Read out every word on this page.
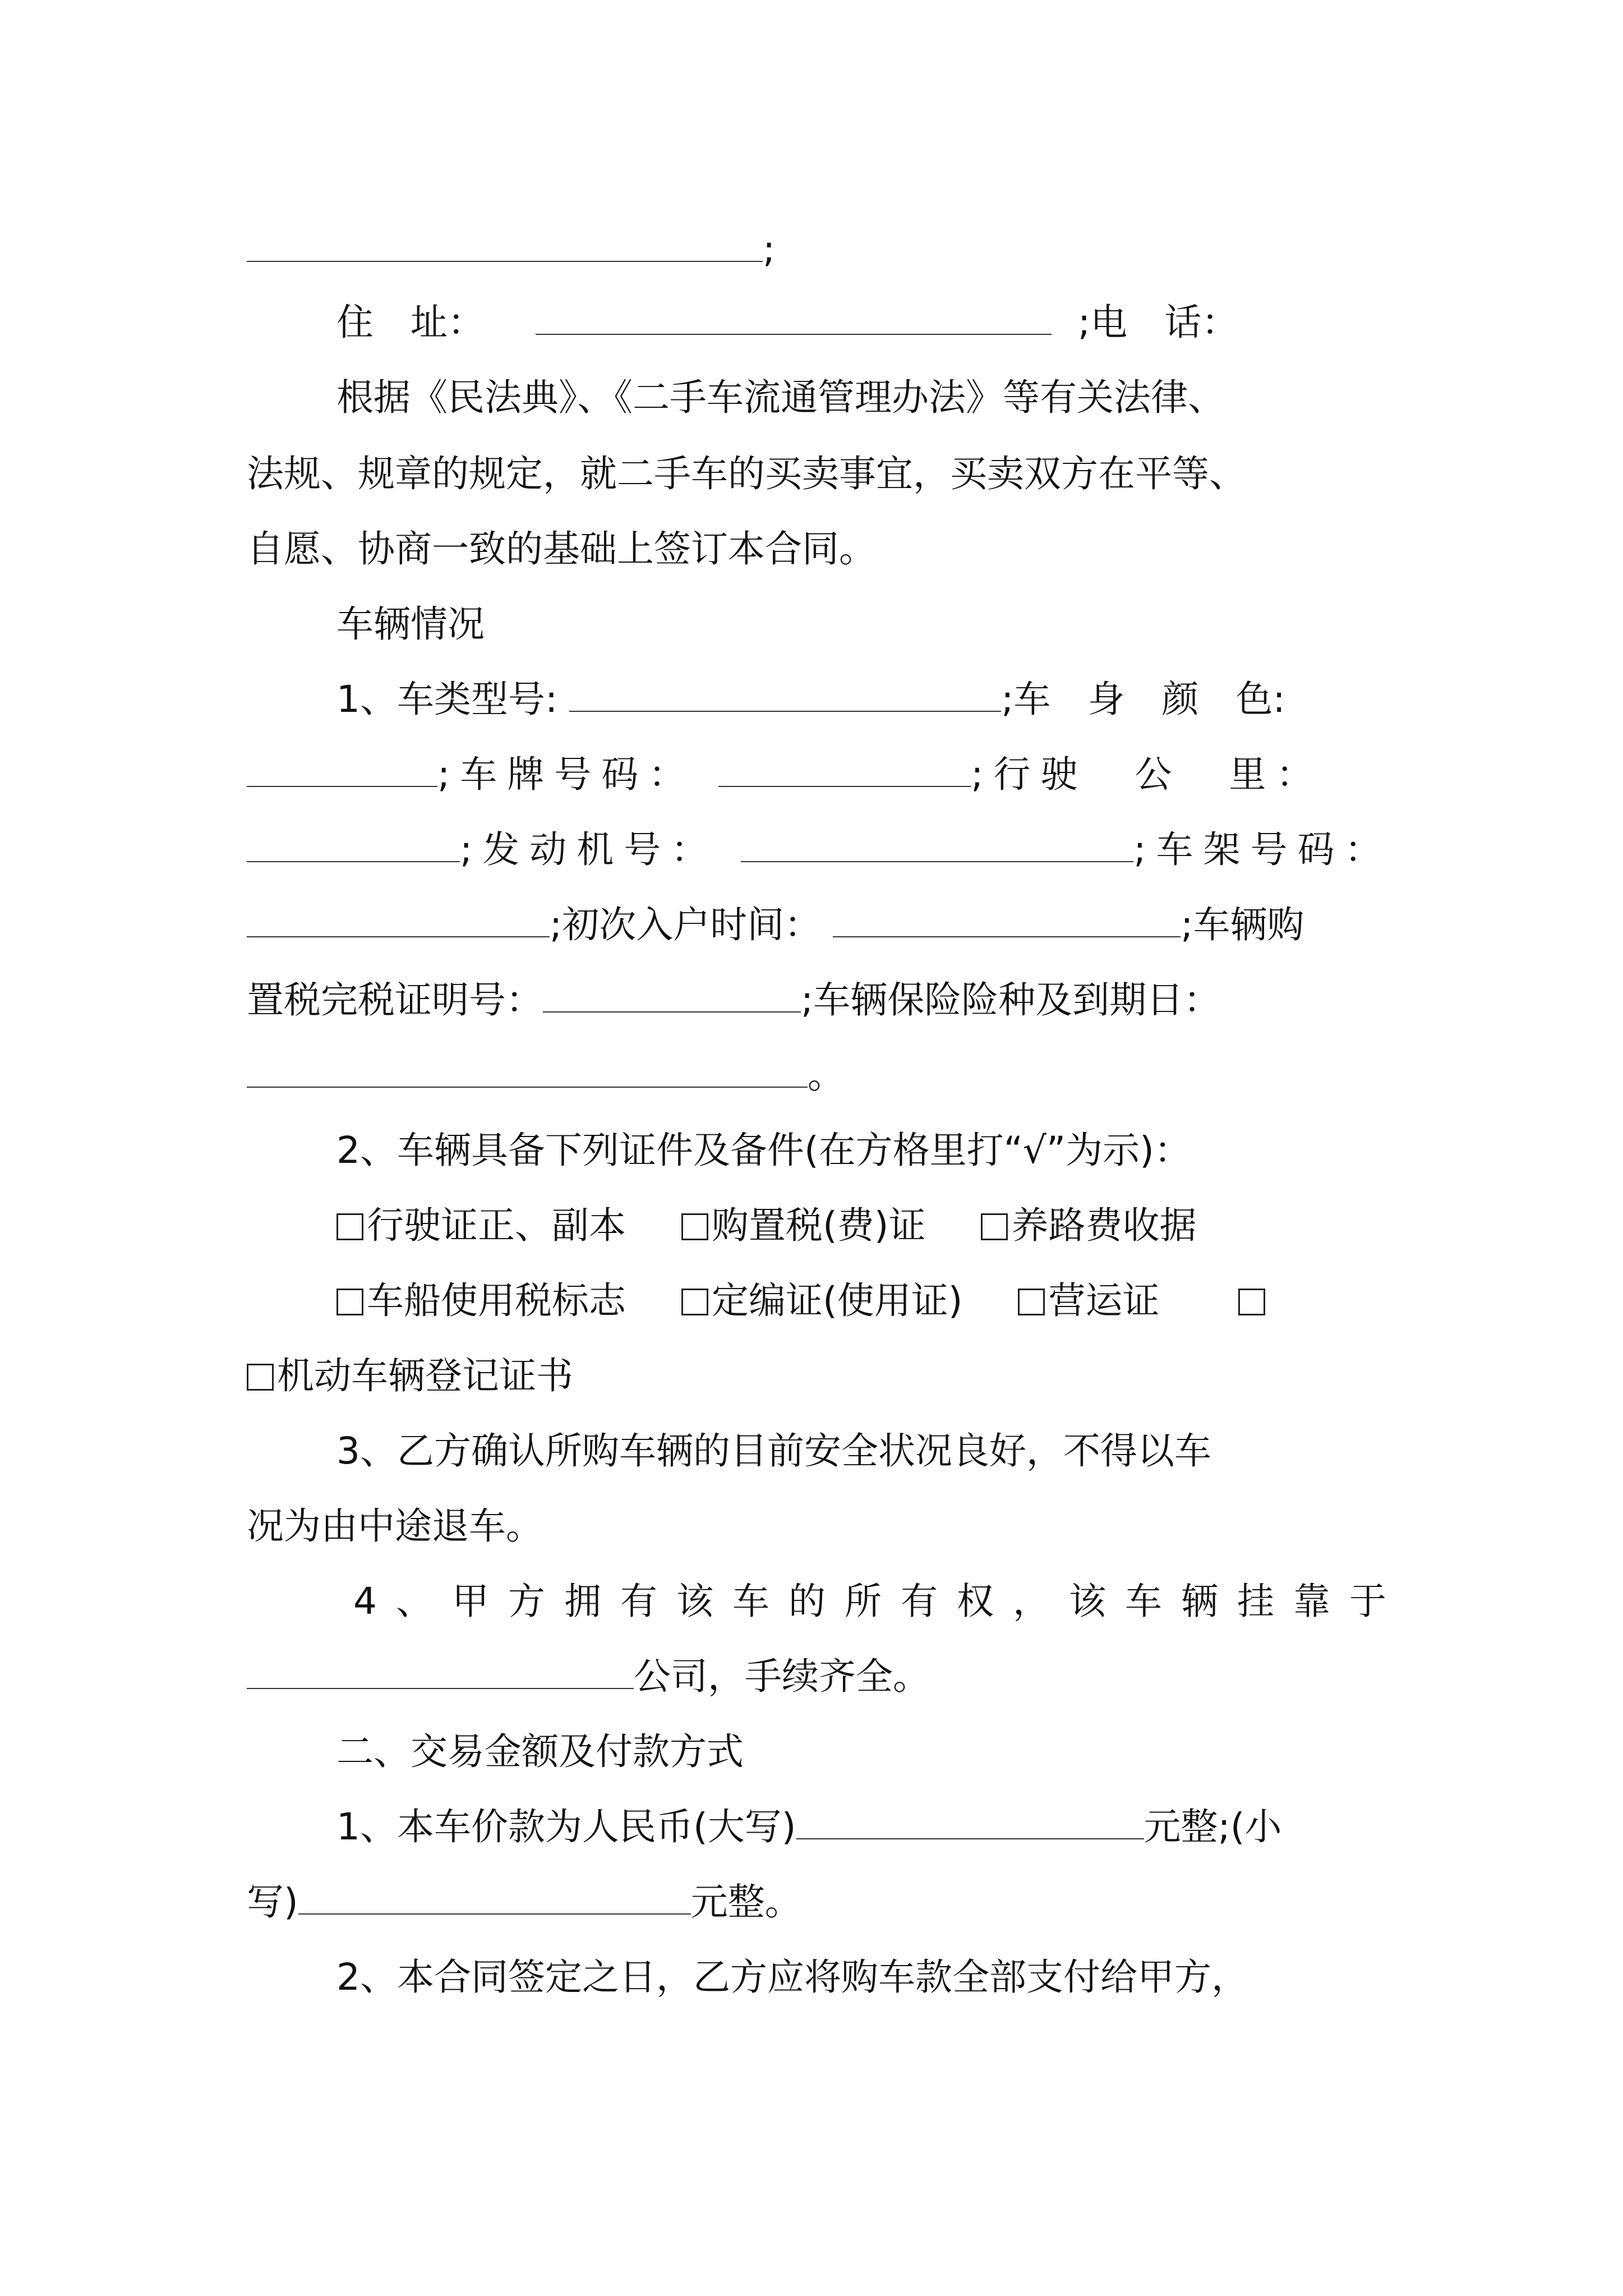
;
住　址：	;电　话：
根据《民法典》、《二手车流通管理办法》等有关法律、
法规、规章的规定，就二手车的买卖事宜，买卖双方在平等、
自愿、协商一致的基础上签订本合同。
车辆情况
1、车类型号:	;车　身　颜　色:
;车牌号码：	;行驶　公　里：
;发动机号：	;车架号码：
;初次入户时间：	;车辆购
置税完税证明号：	;车辆保险险种及到期日：
。
2、车辆具备下列证件及备件(在方格里打“√”为示)：
行驶证正、副本 购置税(费)证 养路费收据
车船使用税标志 定编证(使用证) 营运证
机动车辆登记证书
3、乙方确认所购车辆的目前安全状况良好，不得以车
况为由中途退车。
4、甲方拥有该车的所有权，该车辆挂靠于
公司，手续齐全。
二、交易金额及付款方式
1、本车价款为人民币(大写)	元整;(小
写)	元整。
2、本合同签定之日，乙方应将购车款全部支付给甲方，
